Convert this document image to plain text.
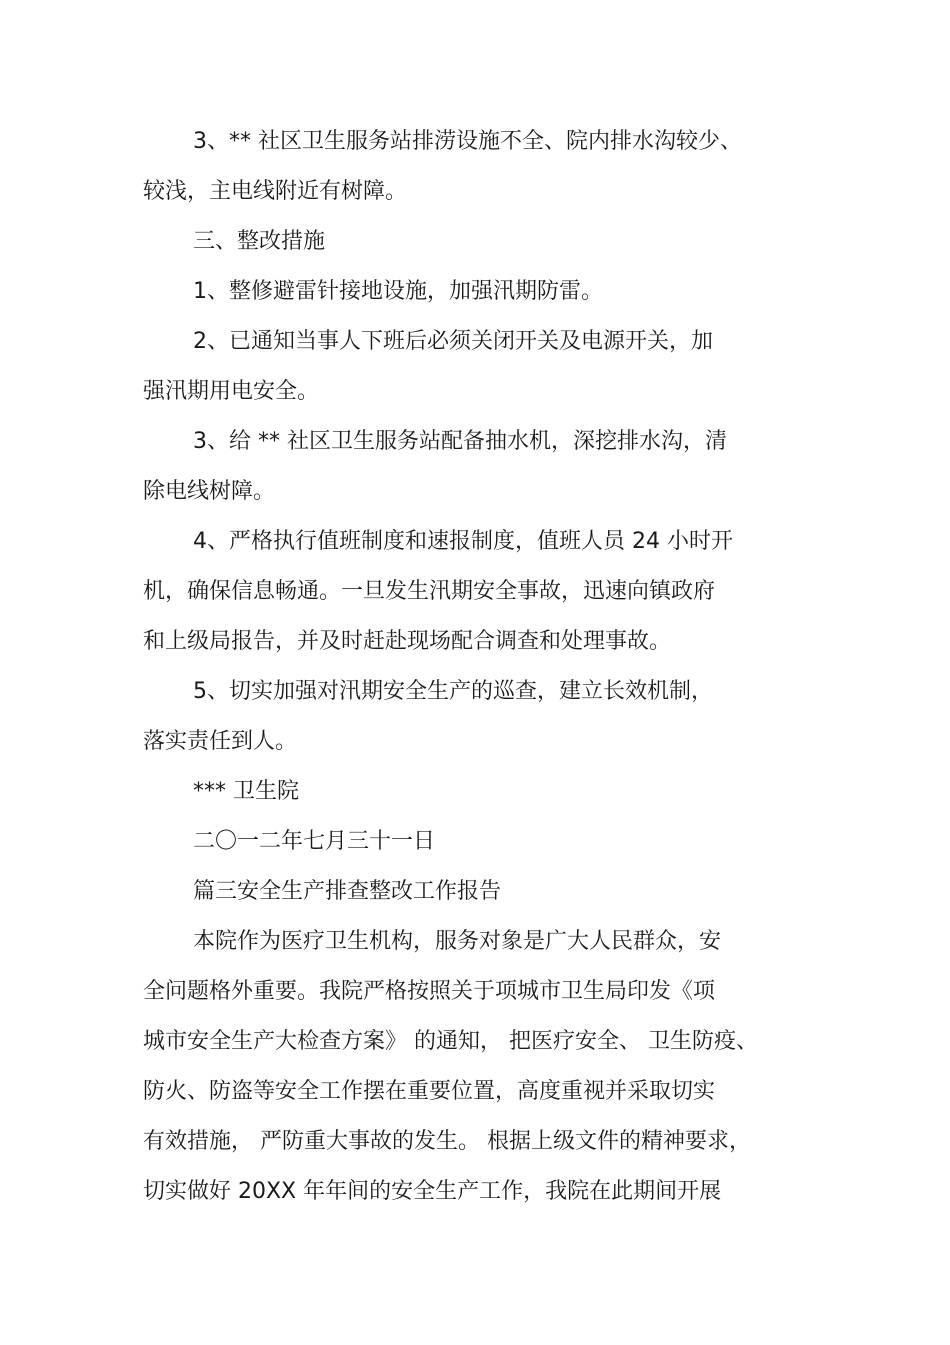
3、** 社区卫生服务站排涝设施不全、院内排水沟较少、
较浅，主电线附近有树障。
三、整改措施
1、整修避雷针接地设施，加强汛期防雷。
2、已通知当事人下班后必须关闭开关及电源开关，加
强汛期用电安全。
3、给 ** 社区卫生服务站配备抽水机，深挖排水沟，清
除电线树障。
4、严格执行值班制度和速报制度，值班人员 24 小时开
机，确保信息畅通。一旦发生汛期安全事故，迅速向镇政府
和上级局报告，并及时赶赴现场配合调查和处理事故。
5、切实加强对汛期安全生产的巡查，建立长效机制，
落实责任到人。
*** 卫生院
二〇一二年七月三十一日
篇三安全生产排查整改工作报告
本院作为医疗卫生机构，服务对象是广大人民群众，安
全问题格外重要。我院严格按照关于项城市卫生局印发《项
城市安全生产大检查方案》 的通知， 把医疗安全、 卫生防疫、
防火、防盗等安全工作摆在重要位置，高度重视并采取切实
有效措施， 严防重大事故的发生。 根据上级文件的精神要求，
切实做好 20XX 年年间的安全生产工作，我院在此期间开展
